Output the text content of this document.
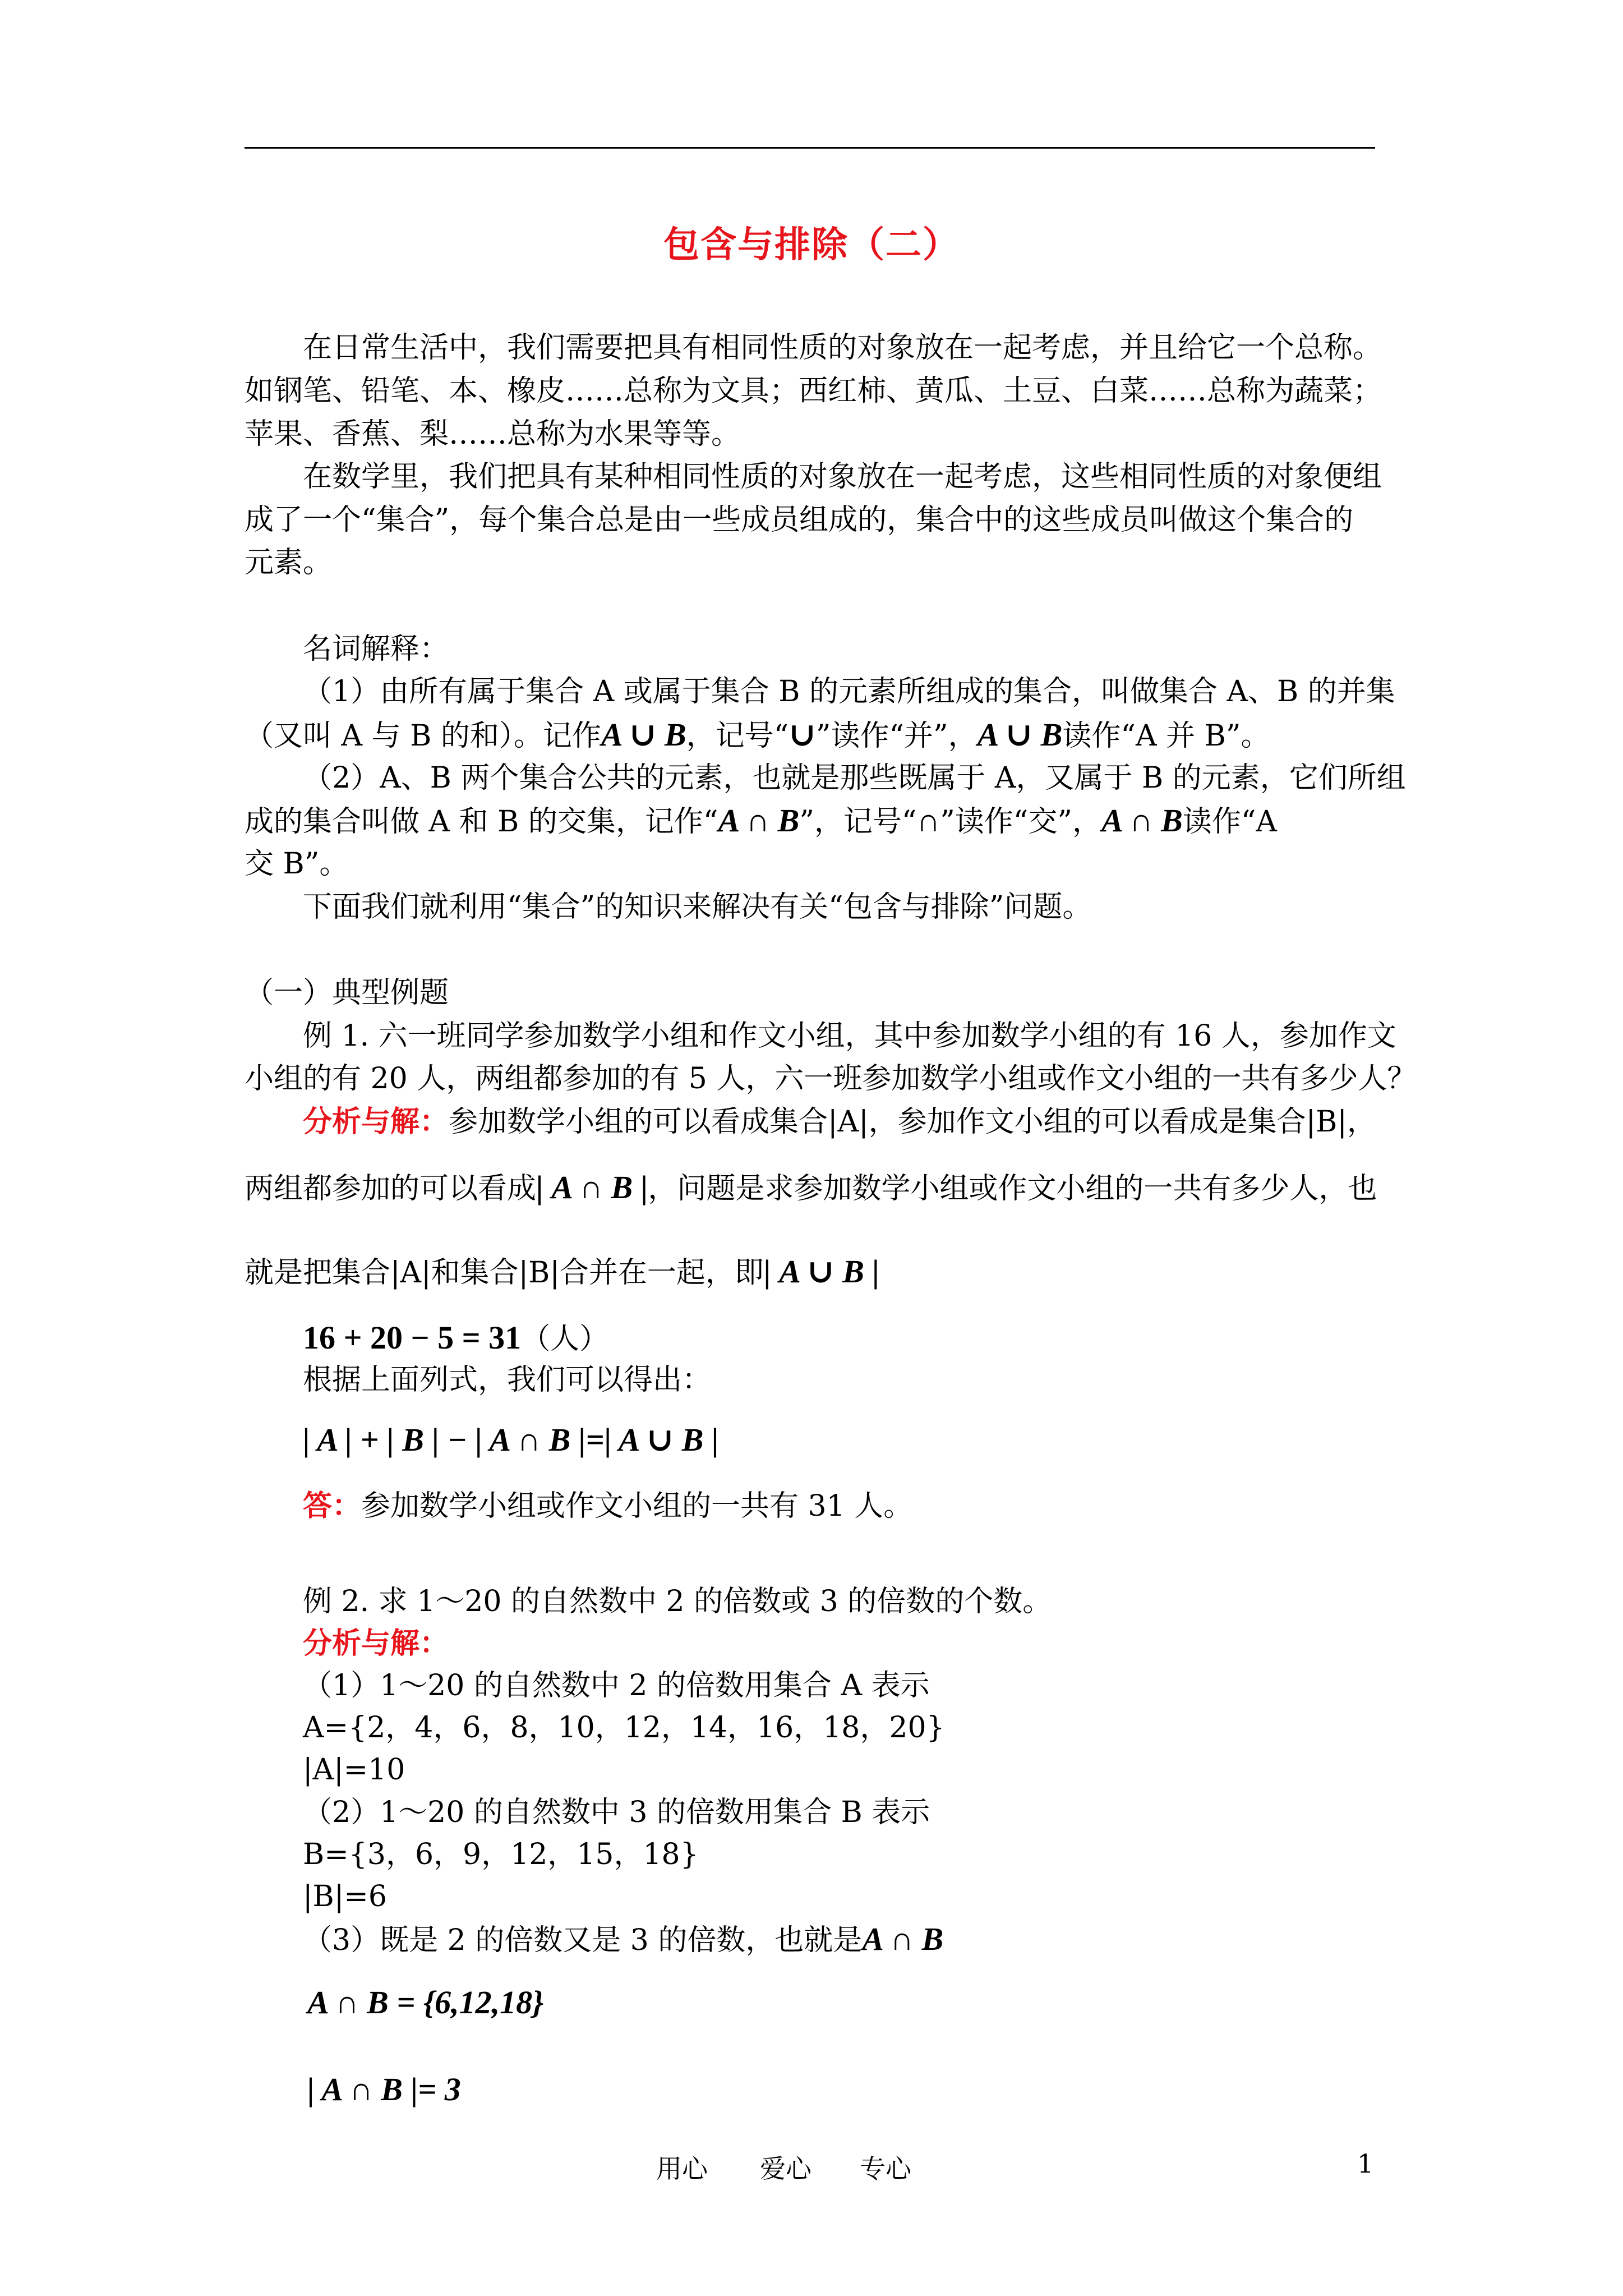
包含与排除（二）
在日常生活中，我们需要把具有相同性质的对象放在一起考虑，并且给它一个总称。
如钢笔、铅笔、本、橡皮……总称为文具；西红柿、黄瓜、土豆、白菜……总称为蔬菜；
苹果、香蕉、梨……总称为水果等等。
在数学里，我们把具有某种相同性质的对象放在一起考虑，这些相同性质的对象便组
成了一个“集合”，每个集合总是由一些成员组成的，集合中的这些成员叫做这个集合的
元素。
名词解释：
（1）由所有属于集合 A 或属于集合 B 的元素所组成的集合，叫做集合 A、B 的并集
（又叫 A 与 B 的和）。记作A ∪ B，记号“∪”读作“并”，A ∪ B读作“A 并 B”。
（2）A、B 两个集合公共的元素，也就是那些既属于 A，又属于 B 的元素，它们所组
成的集合叫做 A 和 B 的交集，记作“A ∩ B”，记号“∩”读作“交”，A ∩ B读作“A
交 B”。
下面我们就利用“集合”的知识来解决有关“包含与排除”问题。
（一）典型例题
例 1. 六一班同学参加数学小组和作文小组，其中参加数学小组的有 16 人，参加作文
小组的有 20 人，两组都参加的有 5 人，六一班参加数学小组或作文小组的一共有多少人？
分析与解：参加数学小组的可以看成集合|A|，参加作文小组的可以看成是集合|B|，
两组都参加的可以看成| A ∩ B |，问题是求参加数学小组或作文小组的一共有多少人，也
就是把集合|A|和集合|B|合并在一起，即| A ∪ B |
16 + 20 − 5 = 31（人）
根据上面列式，我们可以得出：
| A | + | B | − | A ∩ B |=| A ∪ B |
答：参加数学小组或作文小组的一共有 31 人。
例 2. 求 1～20 的自然数中 2 的倍数或 3 的倍数的个数。
分析与解：
（1）1～20 的自然数中 2 的倍数用集合 A 表示
A={2，4，6，8，10，12，14，16，18，20}
|A|=10
（2）1～20 的自然数中 3 的倍数用集合 B 表示
B={3，6，9，12，15，18}
|B|=6
（3）既是 2 的倍数又是 3 的倍数，也就是A ∩ B
A ∩ B = {6,12,18}
| A ∩ B |= 3
用心 爱心 专心	1
